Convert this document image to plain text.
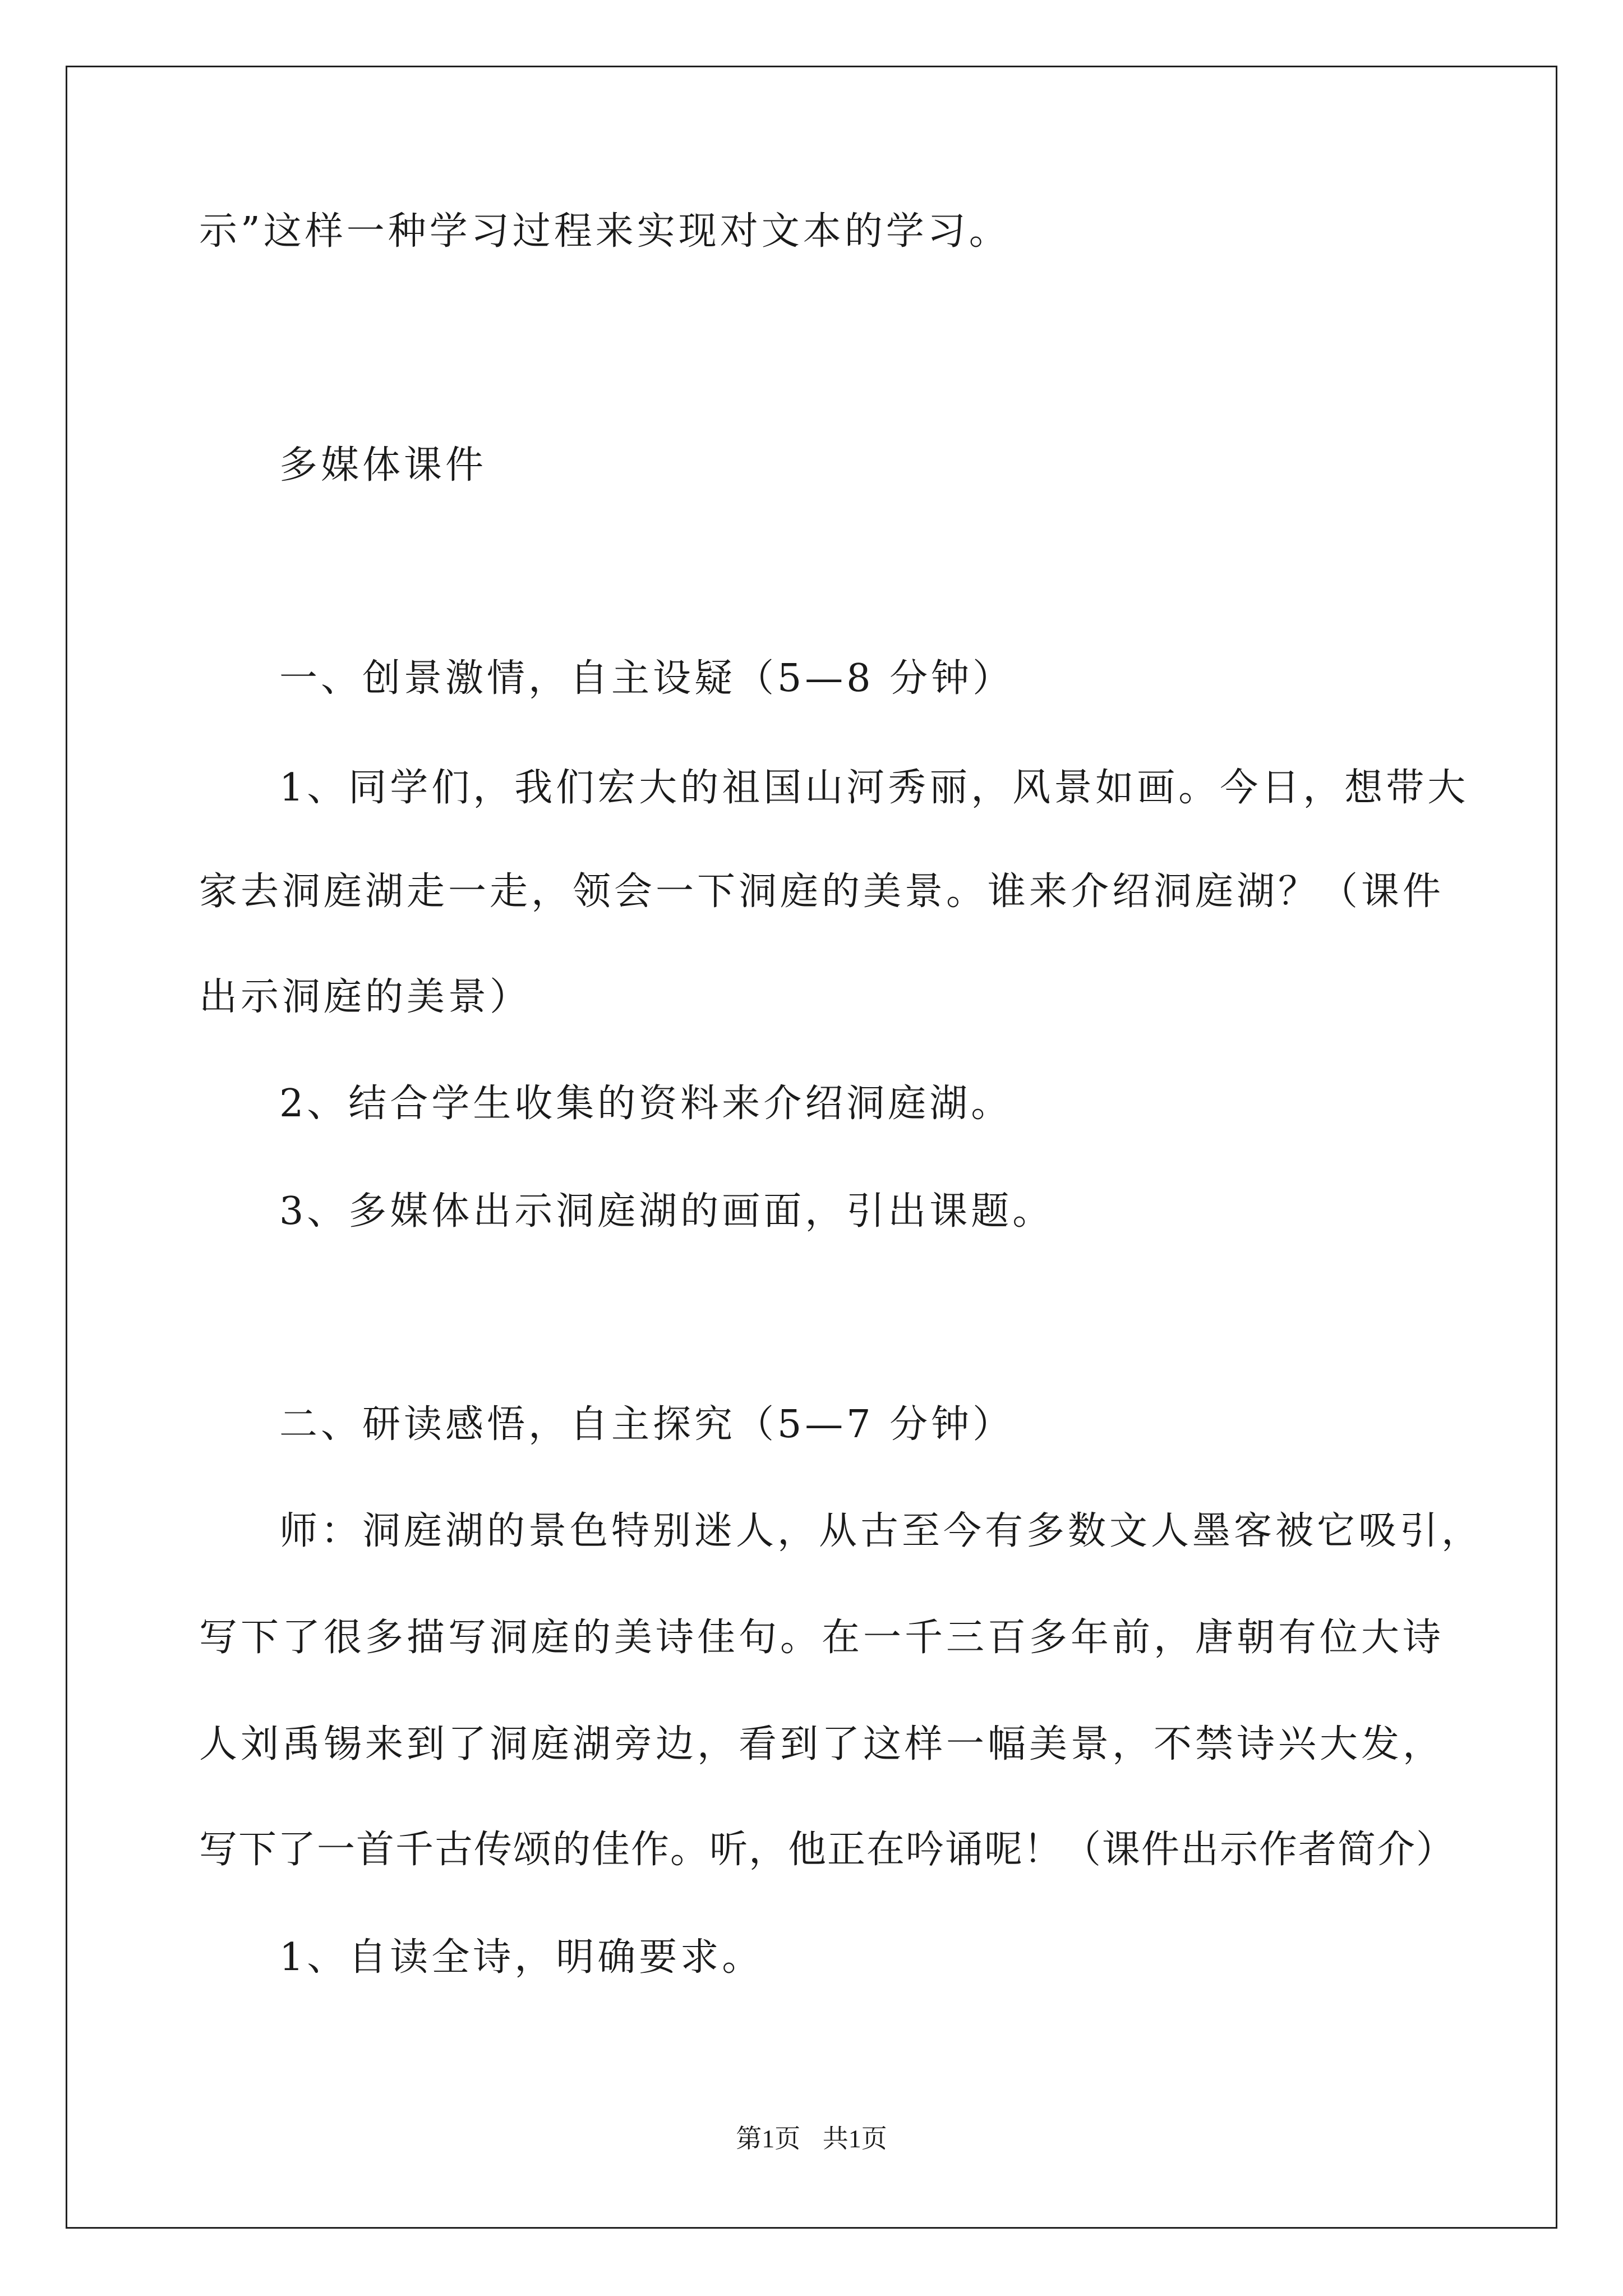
示”这样一种学习过程来实现对文本的学习。
多媒体课件
一、创景激情，自主设疑（5—8 分钟）
1、同学们，我们宏大的祖国山河秀丽，风景如画。今日，想带大
家去洞庭湖走一走，领会一下洞庭的美景。谁来介绍洞庭湖？（课件
出示洞庭的美景）
2、结合学生收集的资料来介绍洞庭湖。
3、多媒体出示洞庭湖的画面，引出课题。
二、研读感悟，自主探究（5—7 分钟）
师：洞庭湖的景色特别迷人，从古至今有多数文人墨客被它吸引，
写下了很多描写洞庭的美诗佳句。在一千三百多年前，唐朝有位大诗
人刘禹锡来到了洞庭湖旁边，看到了这样一幅美景，不禁诗兴大发，
写下了一首千古传颂的佳作。听，他正在吟诵呢！（课件出示作者简介）
1、自读全诗，明确要求。
第1页 共1页
